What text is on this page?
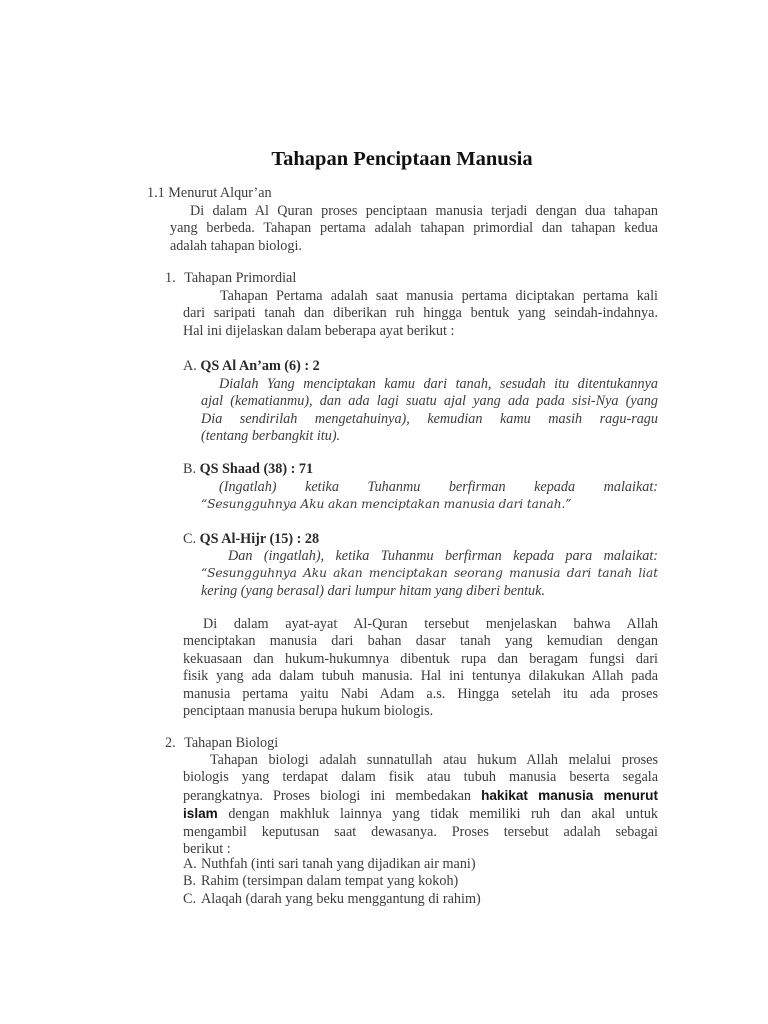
Tahapan Penciptaan Manusia
1.1 Menurut Alqur’an
Di dalam Al Quran proses penciptaan manusia terjadi dengan dua tahapan
yang berbeda. Tahapan pertama adalah tahapan primordial dan tahapan kedua
adalah tahapan biologi.
1. Tahapan Primordial
Tahapan Pertama adalah saat manusia pertama diciptakan pertama kali
dari saripati tanah dan diberikan ruh hingga bentuk yang seindah-indahnya.
Hal ini dijelaskan dalam beberapa ayat berikut :
A. QS Al An’am (6) : 2
Dialah Yang menciptakan kamu dari tanah, sesudah itu ditentukannya
ajal (kematianmu), dan ada lagi suatu ajal yang ada pada sisi-Nya (yang
Dia sendirilah mengetahuinya), kemudian kamu masih ragu-ragu
(tentang berbangkit itu).
B. QS Shaad (38) : 71
(Ingatlah) ketika Tuhanmu berfirman kepada malaikat:
“Sesungguhnya Aku akan menciptakan manusia dari tanah.”
C. QS Al-Hijr (15) : 28
Dan (ingatlah), ketika Tuhanmu berfirman kepada para malaikat:
“Sesungguhnya Aku akan menciptakan seorang manusia dari tanah liat
kering (yang berasal) dari lumpur hitam yang diberi bentuk.
Di dalam ayat-ayat Al-Quran tersebut menjelaskan bahwa Allah
menciptakan manusia dari bahan dasar tanah yang kemudian dengan
kekuasaan dan hukum-hukumnya dibentuk rupa dan beragam fungsi dari
fisik yang ada dalam tubuh manusia. Hal ini tentunya dilakukan Allah pada
manusia pertama yaitu Nabi Adam a.s. Hingga setelah itu ada proses
penciptaan manusia berupa hukum biologis.
2. Tahapan Biologi
Tahapan biologi adalah sunnatullah atau hukum Allah melalui proses
biologis yang terdapat dalam fisik atau tubuh manusia beserta segala
perangkatnya. Proses biologi ini membedakan hakikat manusia menurut
islam dengan makhluk lainnya yang tidak memiliki ruh dan akal untuk
mengambil keputusan saat dewasanya. Proses tersebut adalah sebagai
berikut :
A. Nuthfah (inti sari tanah yang dijadikan air mani)
B. Rahim (tersimpan dalam tempat yang kokoh)
C. Alaqah (darah yang beku menggantung di rahim)
